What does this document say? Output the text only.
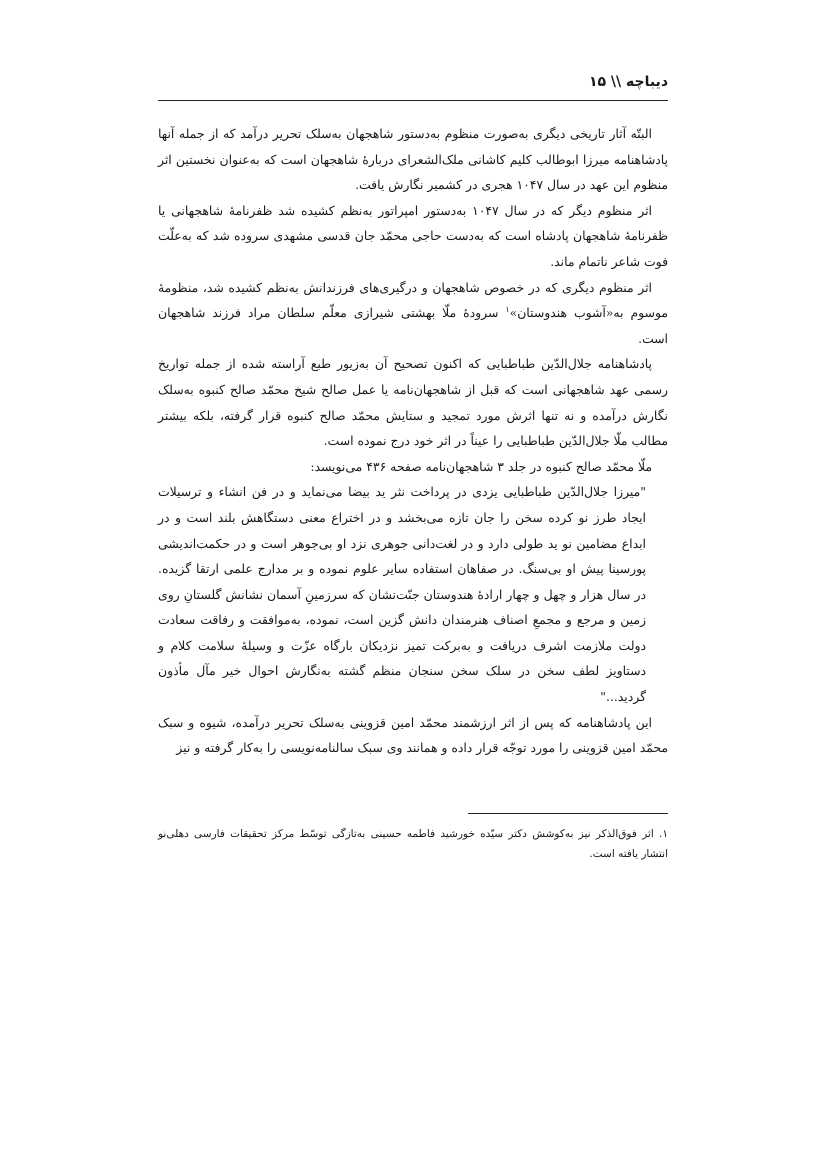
دیباچه \\ ۱۵

البتّه آثار تاریخی دیگری به‌صورت منظوم به‌دستور شاهجهان به‌سلک تحریر درآمد که از جمله آنها پادشاهنامه میرزا ابوطالب کلیم کاشانی ملک‌الشعرای دربارهٔ شاهجهان است که به‌عنوان نخستین اثر منظوم این عهد در سال ۱۰۴۷ هجری در کشمیر نگارش یافت.

اثر منظوم دیگر که در سال ۱۰۴۷ به‌دستور امپراتور به‌نظم کشیده شد ظفرنامهٔ شاهجهانی یا ظفرنامهٔ شاهجهان پادشاه است که به‌دست حاجی محمّد جان قدسی مشهدی سروده شد که به‌علّت فوت شاعر ناتمام ماند.

اثر منظوم دیگری که در خصوص شاهجهان و درگیری‌های فرزندانش به‌نظم کشیده شد، منظومهٔ موسوم به«آشوب هندوستان»$^۱$ سرودهٔ ملّا بهشتی شیرازی معلّم سلطان مراد فرزند شاهجهان است.

پادشاهنامه جلال‌الدّین طباطبایی که اکنون تصحیح آن به‌زیور طبع آراسته شده از جمله تواریخ رسمی عهد شاهجهانی است که قبل از شاهجهان‌نامه یا عمل صالح شیخ محمّد صالح کنبوه به‌سلک نگارش درآمده و نه تنها اثرش مورد تمجید و ستایش محمّد صالح کنبوه قرار گرفته، بلکه بیشتر مطالب ملّا جلال‌الدّین طباطبایی را عیناً در اثر خود درج نموده است.

ملّا محمّد صالح کنبوه در جلد ۳ شاهجهان‌نامه صفحه ۴۳۶ می‌نویسد:

"میرزا جلال‌الدّین طباطبایی یزدی در پرداخت نثر ید بیضا می‌نماید و در فن انشاء و ترسیلات ایجاد طرز نو کرده سخن را جان تازه می‌بخشد و در اختراع معنی دستگاهش بلند است و در ابداع مضامین نو ید طولی دارد و در لغت‌دانی جوهری نزد او بی‌جوهر است و در حکمت‌اندیشی پورسینا پیش او بی‌سنگ. در صفاهان استفاده سایر علوم نموده و بر مدارج علمی ارتقا گزیده. در سال هزار و چهل و چهار ارادهٔ هندوستان جنّت‌نشان که سرزمینِ آسمان نشانش گلستانِ روی زمین و مرجع و مجمعِ اصناف هنرمندان دانش گزین است، نموده، به‌موافقت و رفاقت سعادت دولت ملازمت اشرف دریافت و به‌برکت تمیز نزدیکان بارگاه عزّت و وسیلهٔ سلامت کلام و دستاویز لطف سخن در سلک سخن سنجان منظم گشته به‌نگارش احوال خیر مآل مأذون گردید..."

این پادشاهنامه که پس از اثر ارزشمند محمّد امین قزوینی به‌سلک تحریر درآمده، شیوه و سبک محمّد امین قزوینی را مورد توجّه قرار داده و همانند وی سبک سالنامه‌نویسی را به‌کار گرفته و نیز

۱. اثر فوق‌الذکر نیز به‌کوشش دکتر سیّده خورشید فاطمه حسینی به‌تازگی توسّط مرکز تحقیقات فارسی دهلی‌نو انتشار یافته است.
